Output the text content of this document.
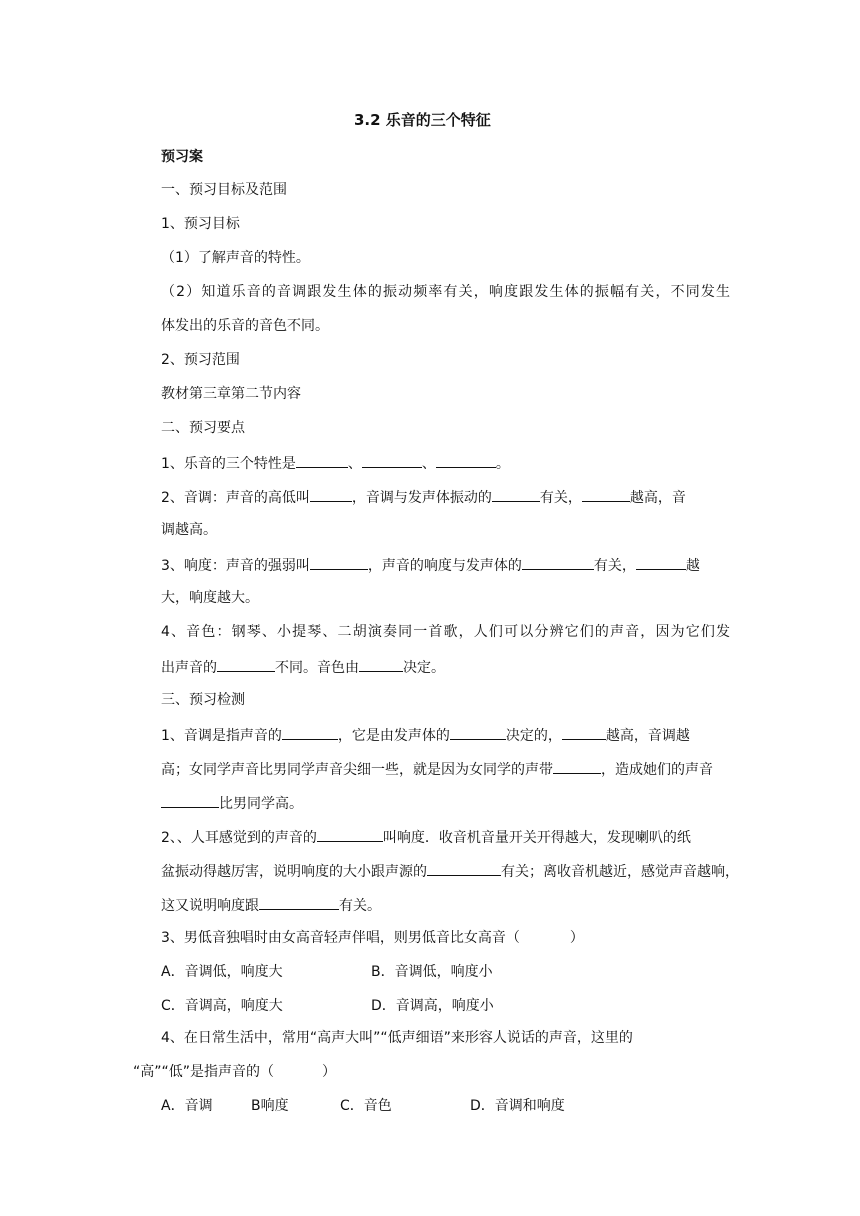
3.2 乐音的三个特征
预习案
一、预习目标及范围
1、预习目标
（1）了解声音的特性。
（2）知道乐音的音调跟发生体的振动频率有关，响度跟发生体的振幅有关，不同发生
体发出的乐音的音色不同。
2、预习范围
教材第三章第二节内容
二、预习要点
1、乐音的三个特性是	、	、	。
2、音调：声音的高低叫	，音调与发声体振动的	有关，	越高，音
调越高。
3、响度：声音的强弱叫	，声音的响度与发声体的	有关，	越
大，响度越大。
4、音色：钢琴、小提琴、二胡演奏同一首歌，人们可以分辨它们的声音，因为它们发
出声音的	不同。音色由	决定。
三、预习检测
1、音调是指声音的	，它是由发声体的	决定的，	越高，音调越
高；女同学声音比男同学声音尖细一些，就是因为女同学的声带	，造成她们的声音
比男同学高。
2、、人耳感觉到的声音的	叫响度．收音机音量开关开得越大，发现喇叭的纸
盆振动得越厉害，说明响度的大小跟声源的	有关；离收音机越近，感觉声音越响，
这又说明响度跟	有关。
3、男低音独唱时由女高音轻声伴唱，则男低音比女高音（	）
A．音调低，响度大	B．音调低，响度小
C．音调高，响度大	D．音调高，响度小
4、在日常生活中，常用“高声大叫”“低声细语”来形容人说话的声音，这里的
“高”“低”是指声音的（	）
A．音调	B响度	C．音色	D．音调和响度
